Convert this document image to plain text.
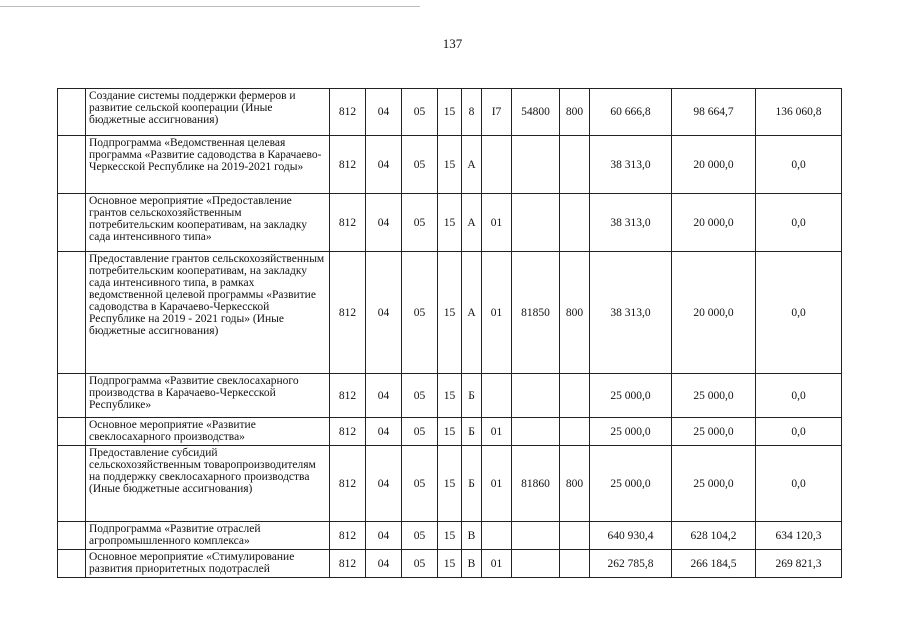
137
	Создание системы поддержки фермеров и развитие сельской кооперации (Иные бюджетные ассигнования)	812	04	05	15	8	I7	54800	800	60 666,8	98 664,7	136 060,8
	Подпрограмма «Ведомственная целевая программа «Развитие садоводства в Карачаево-Черкесской Республике на 2019-2021 годы»	812	04	05	15	А				38 313,0	20 000,0	0,0
	Основное мероприятие «Предоставление грантов сельскохозяйственным потребительским кооперативам, на закладку сада интенсивного типа»	812	04	05	15	А	01			38 313,0	20 000,0	0,0
	Предоставление грантов сельскохозяйственным потребительским кооперативам, на закладку сада интенсивного типа, в рамках ведомственной целевой программы «Развитие садоводства в Карачаево-Черкесской Республике на 2019 - 2021 годы» (Иные бюджетные ассигнования)	812	04	05	15	А	01	81850	800	38 313,0	20 000,0	0,0
	Подпрограмма «Развитие свеклосахарного производства в Карачаево-Черкесской Республике»	812	04	05	15	Б				25 000,0	25 000,0	0,0
	Основное мероприятие «Развитие свеклосахарного производства»	812	04	05	15	Б	01			25 000,0	25 000,0	0,0
	Предоставление субсидий сельскохозяйственным товаропроизводителям на поддержку свеклосахарного производства (Иные бюджетные ассигнования)	812	04	05	15	Б	01	81860	800	25 000,0	25 000,0	0,0
	Подпрограмма «Развитие отраслей агропромышленного комплекса»	812	04	05	15	В				640 930,4	628 104,2	634 120,3
	Основное мероприятие «Стимулирование развития приоритетных подотраслей	812	04	05	15	В	01			262 785,8	266 184,5	269 821,3
